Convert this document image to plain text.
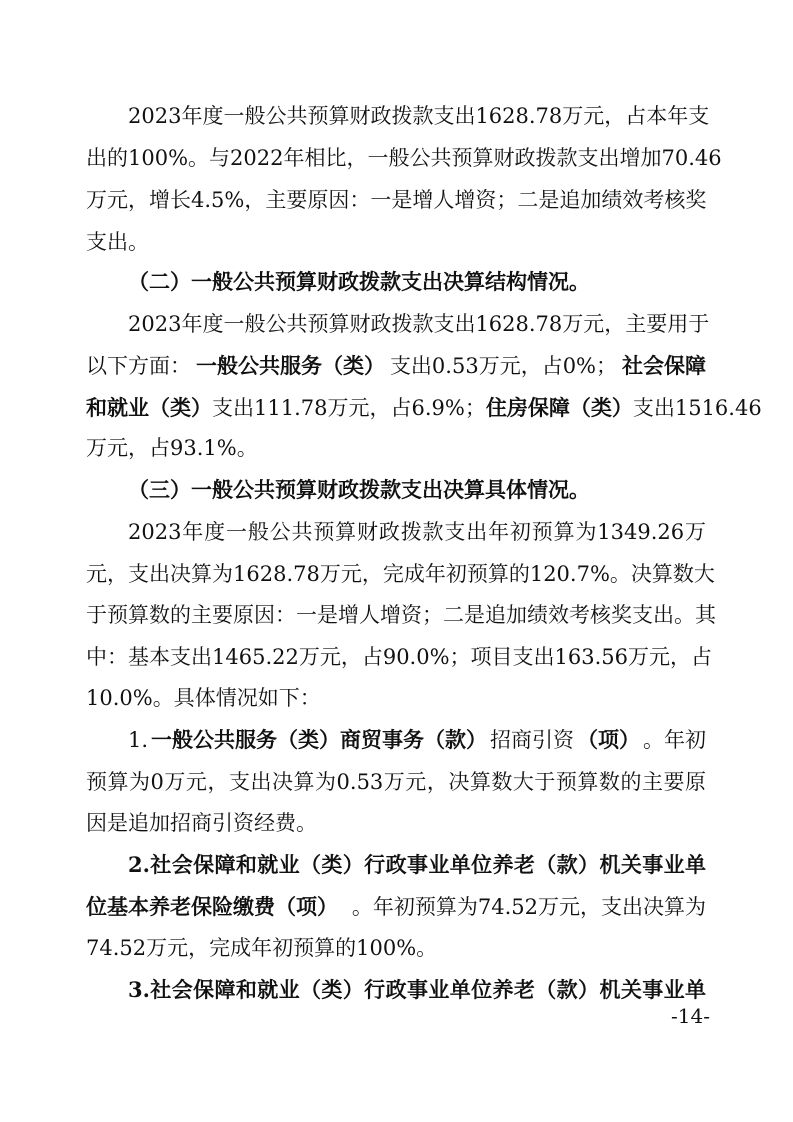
2023年度一般公共预算财政拨款支出1628.78万元，占本年支
出的100%。与2022年相比，一般公共预算财政拨款支出增加70.46
万元，增长4.5%，主要原因：一是增人增资；二是追加绩效考核奖
支出。
（二）一般公共预算财政拨款支出决算结构情况。
2023年度一般公共预算财政拨款支出1628.78万元，主要用于
以下方面： 一般公共服务（类） 支出0.53万元，占0%； 社会保障
和就业（类） 支出111.78万元，占6.9%； 住房保障（类） 支出1516.46
万元，占93.1%。
（三）一般公共预算财政拨款支出决算具体情况。
2023年度一般公共预算财政拨款支出年初预算为1349.26万
元，支出决算为1628.78万元，完成年初预算的120.7%。决算数大
于预算数的主要原因：一是增人增资；二是追加绩效考核奖支出。其
中：基本支出1465.22万元，占90.0%；项目支出163.56万元，占
10.0%。具体情况如下：
1. 一般公共服务（类）商贸事务（款） 招商引资 （项） 。年初
预算为0万元，支出决算为0.53万元，决算数大于预算数的主要原
因是追加招商引资经费。
2.社会保障和就业（类）行政事业单位养老（款）机关事业单
位基本养老保险缴费（项） 。年初预算为74.52万元，支出决算为
74.52万元，完成年初预算的100%。
3.社会保障和就业（类）行政事业单位养老（款）机关事业单
-14-
